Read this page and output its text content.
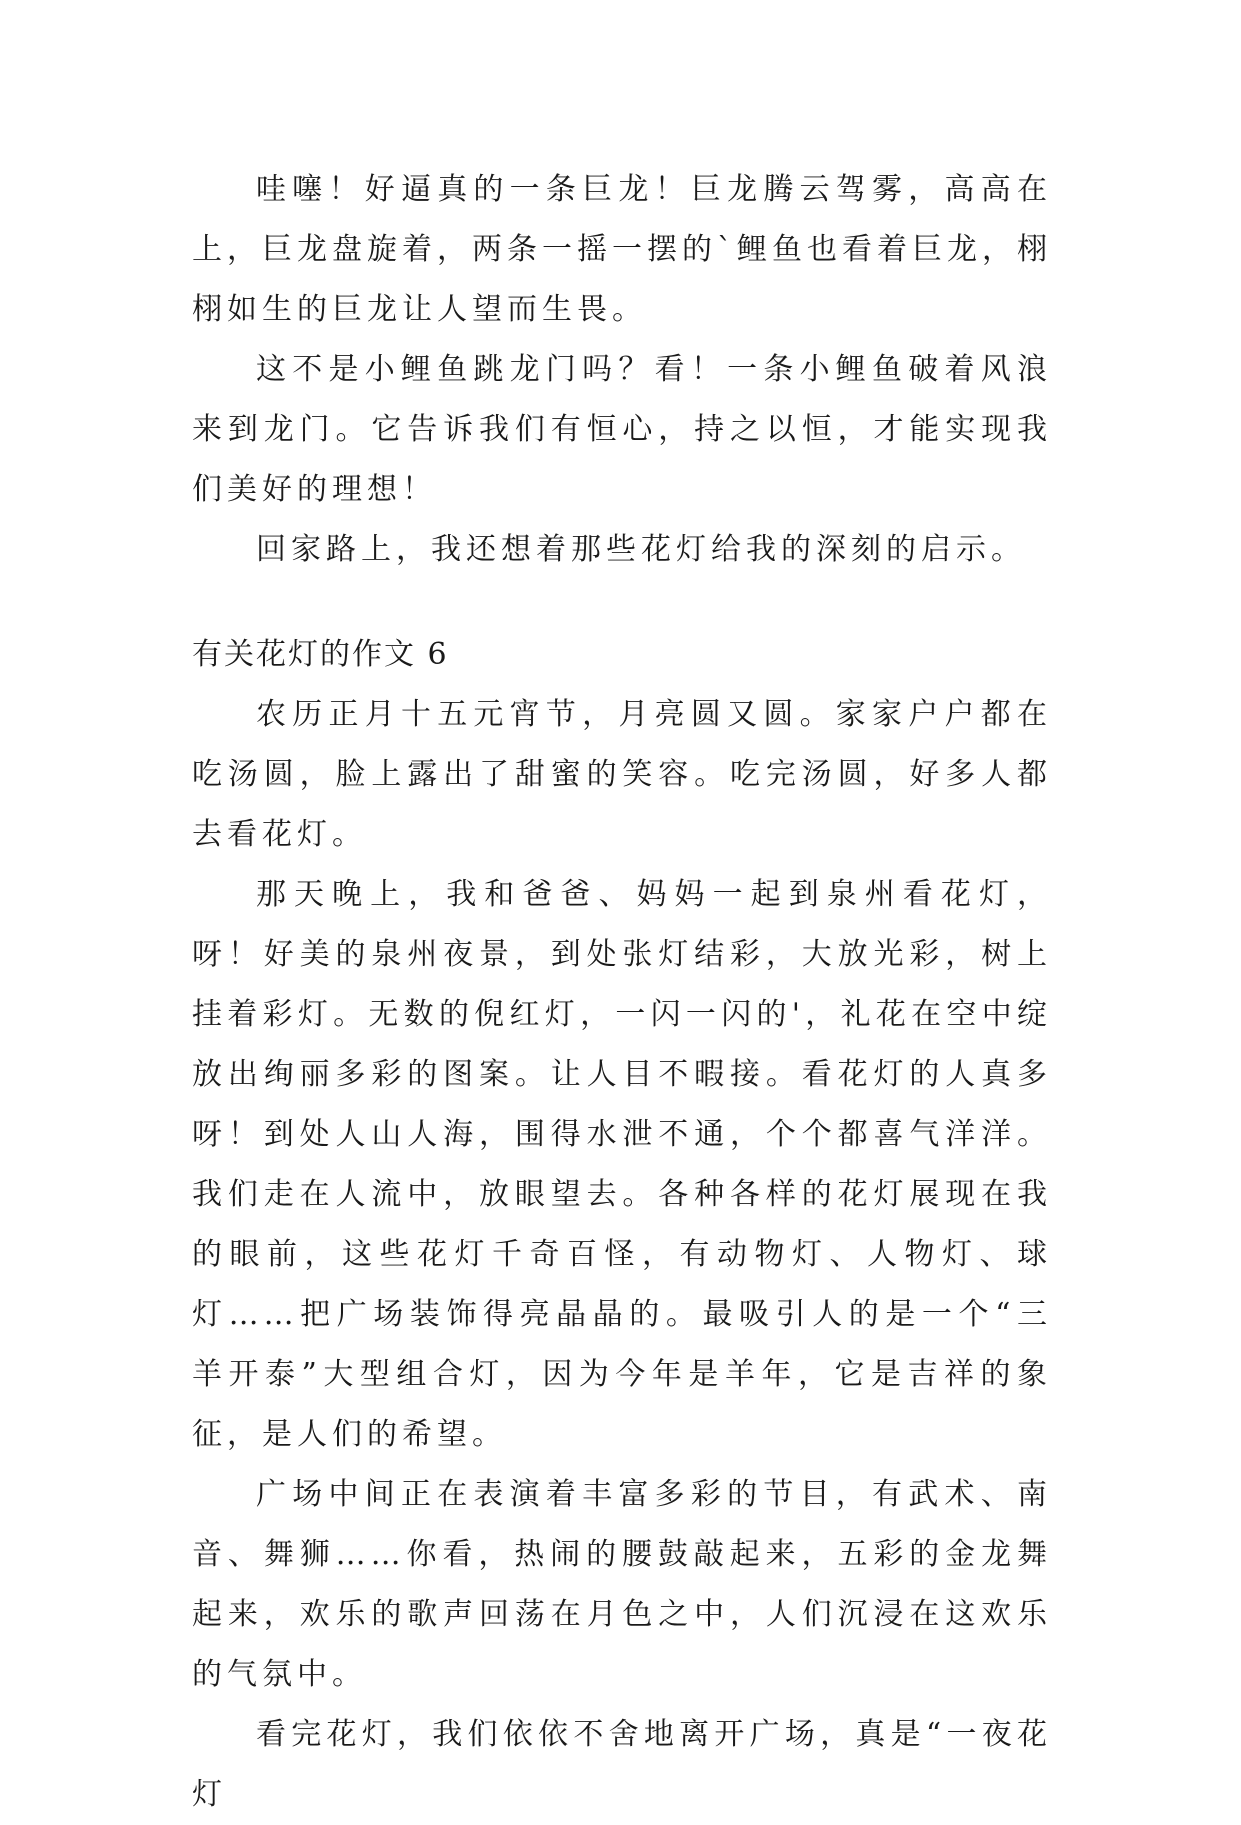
哇噻！好逼真的一条巨龙！巨龙腾云驾雾，高高在上，巨龙盘旋着，两条一摇一摆的`鲤鱼也看着巨龙，栩栩如生的巨龙让人望而生畏。

这不是小鲤鱼跳龙门吗？看！一条小鲤鱼破着风浪来到龙门。它告诉我们有恒心，持之以恒，才能实现我们美好的理想！

回家路上，我还想着那些花灯给我的深刻的启示。

有关花灯的作文 6

农历正月十五元宵节，月亮圆又圆。家家户户都在吃汤圆，脸上露出了甜蜜的笑容。吃完汤圆，好多人都去看花灯。

那天晚上，我和爸爸、妈妈一起到泉州看花灯，呀！好美的泉州夜景，到处张灯结彩，大放光彩，树上挂着彩灯。无数的倪红灯，一闪一闪的'，礼花在空中绽放出绚丽多彩的图案。让人目不暇接。看花灯的人真多呀！到处人山人海，围得水泄不通，个个都喜气洋洋。我们走在人流中，放眼望去。各种各样的花灯展现在我的眼前，这些花灯千奇百怪，有动物灯、人物灯、球灯……把广场装饰得亮晶晶的。最吸引人的是一个“三羊开泰”大型组合灯，因为今年是羊年，它是吉祥的象征，是人们的希望。

广场中间正在表演着丰富多彩的节目，有武术、南音、舞狮……你看，热闹的腰鼓敲起来，五彩的金龙舞起来，欢乐的歌声回荡在月色之中，人们沉浸在这欢乐的气氛中。

看完花灯，我们依依不舍地离开广场，真是“一夜花灯
